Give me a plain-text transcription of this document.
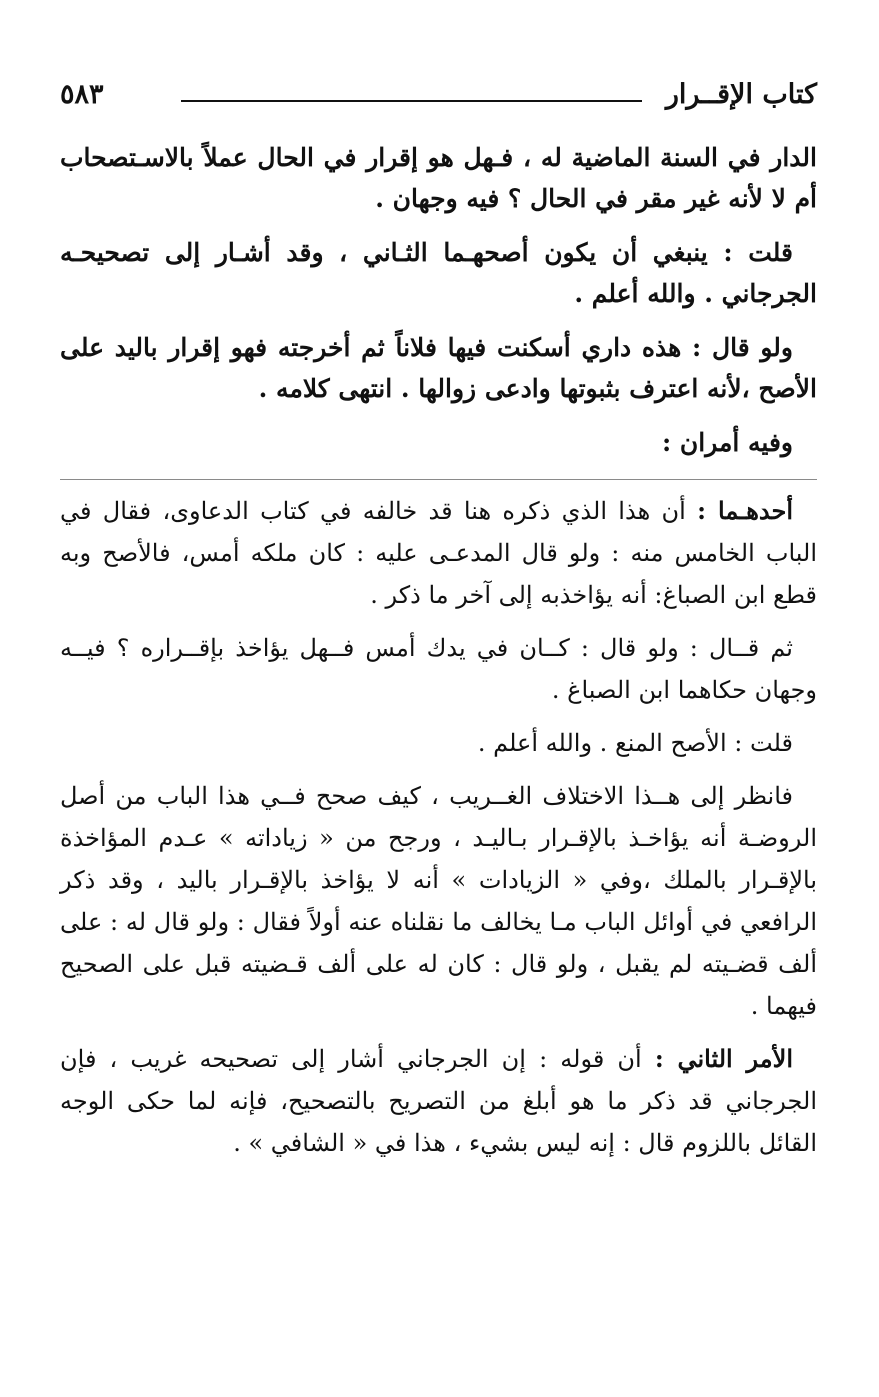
كتاب الإقــرار
٥٨٣

الدار في السنة الماضية له ، فـهل هو إقرار في الحال عملاً بالاسـتصحاب أم لا لأنه غير مقر في الحال ؟ فيه وجهان .

قلت : ينبغي أن يكون أصحهـما الثـاني ، وقد أشـار إلى تصحيحـه الجرجاني . والله أعلم .

ولو قال : هذه داري أسكنت فيها فلاناً ثم أخرجته فهو إقرار باليد على الأصح ،لأنه اعترف بثبوتها وادعى زوالها . انتهى كلامه .

وفيه أمران :

أحدهـما : أن هذا الذي ذكره هنا قد خالفه في كتاب الدعاوى، فقال في الباب الخامس منه : ولو قال المدعـى عليه : كان ملكه أمس، فالأصح وبه قطع ابن الصباغ: أنه يؤاخذبه إلى آخر ما ذكر .

ثم قــال : ولو قال : كــان في يدك أمس فــهل يؤاخذ بإقــراره ؟ فيــه وجهان حكاهما ابن الصباغ .

قلت : الأصح المنع . والله أعلم .

فانظر إلى هــذا الاختلاف الغــريب ، كيف صحح فــي هذا الباب من أصل الروضـة أنه يؤاخـذ بالإقـرار بـاليـد ، ورجح من « زياداته » عـدم المؤاخذة بالإقـرار بالملك ،وفي « الزيادات » أنه لا يؤاخذ بالإقـرار باليد ، وقد ذكر الرافعي في أوائل الباب مـا يخالف ما نقلناه عنه أولاً فقال : ولو قال له : على ألف قضـيته لم يقبل ، ولو قال : كان له على ألف قـضيته قبل على الصحيح فيهما .

الأمر الثاني : أن قوله : إن الجرجاني أشار إلى تصحيحه غريب ، فإن الجرجاني قد ذكر ما هو أبلغ من التصريح بالتصحيح، فإنه لما حكى الوجه القائل باللزوم قال : إنه ليس بشيء ، هذا في « الشافي » .
